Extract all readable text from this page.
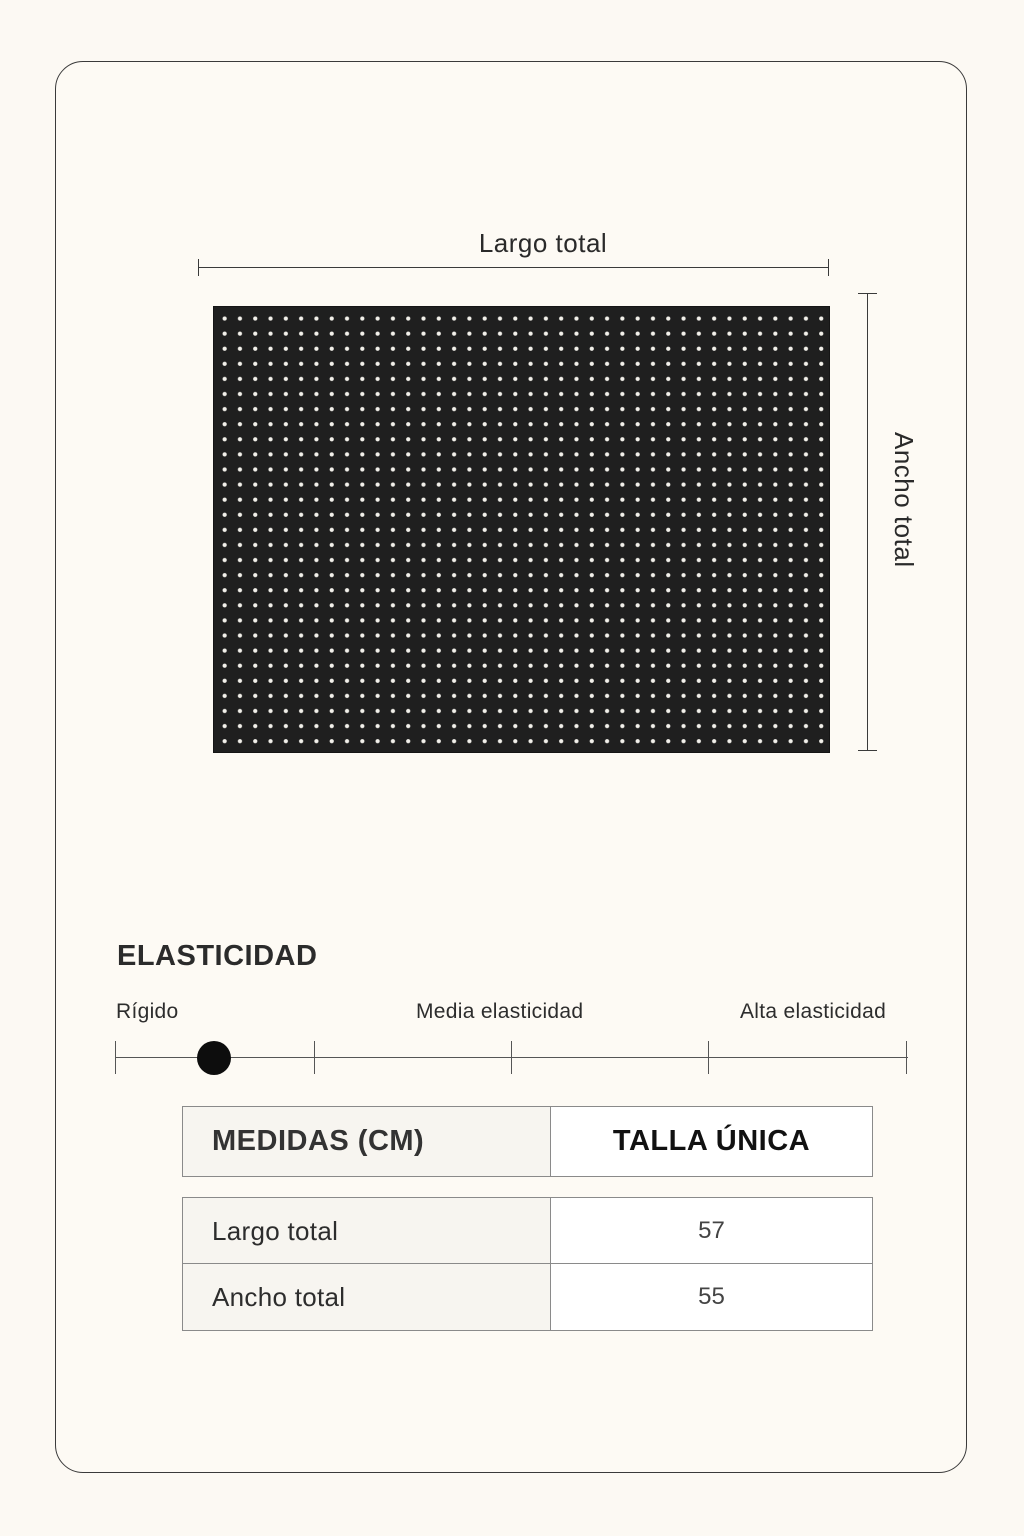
Largo total
Ancho total
ELASTICIDAD
Rígido	Media elasticidad	Alta elasticidad
MEDIDAS (CM)	TALLA ÚNICA
Largo total	57
Ancho total	55
